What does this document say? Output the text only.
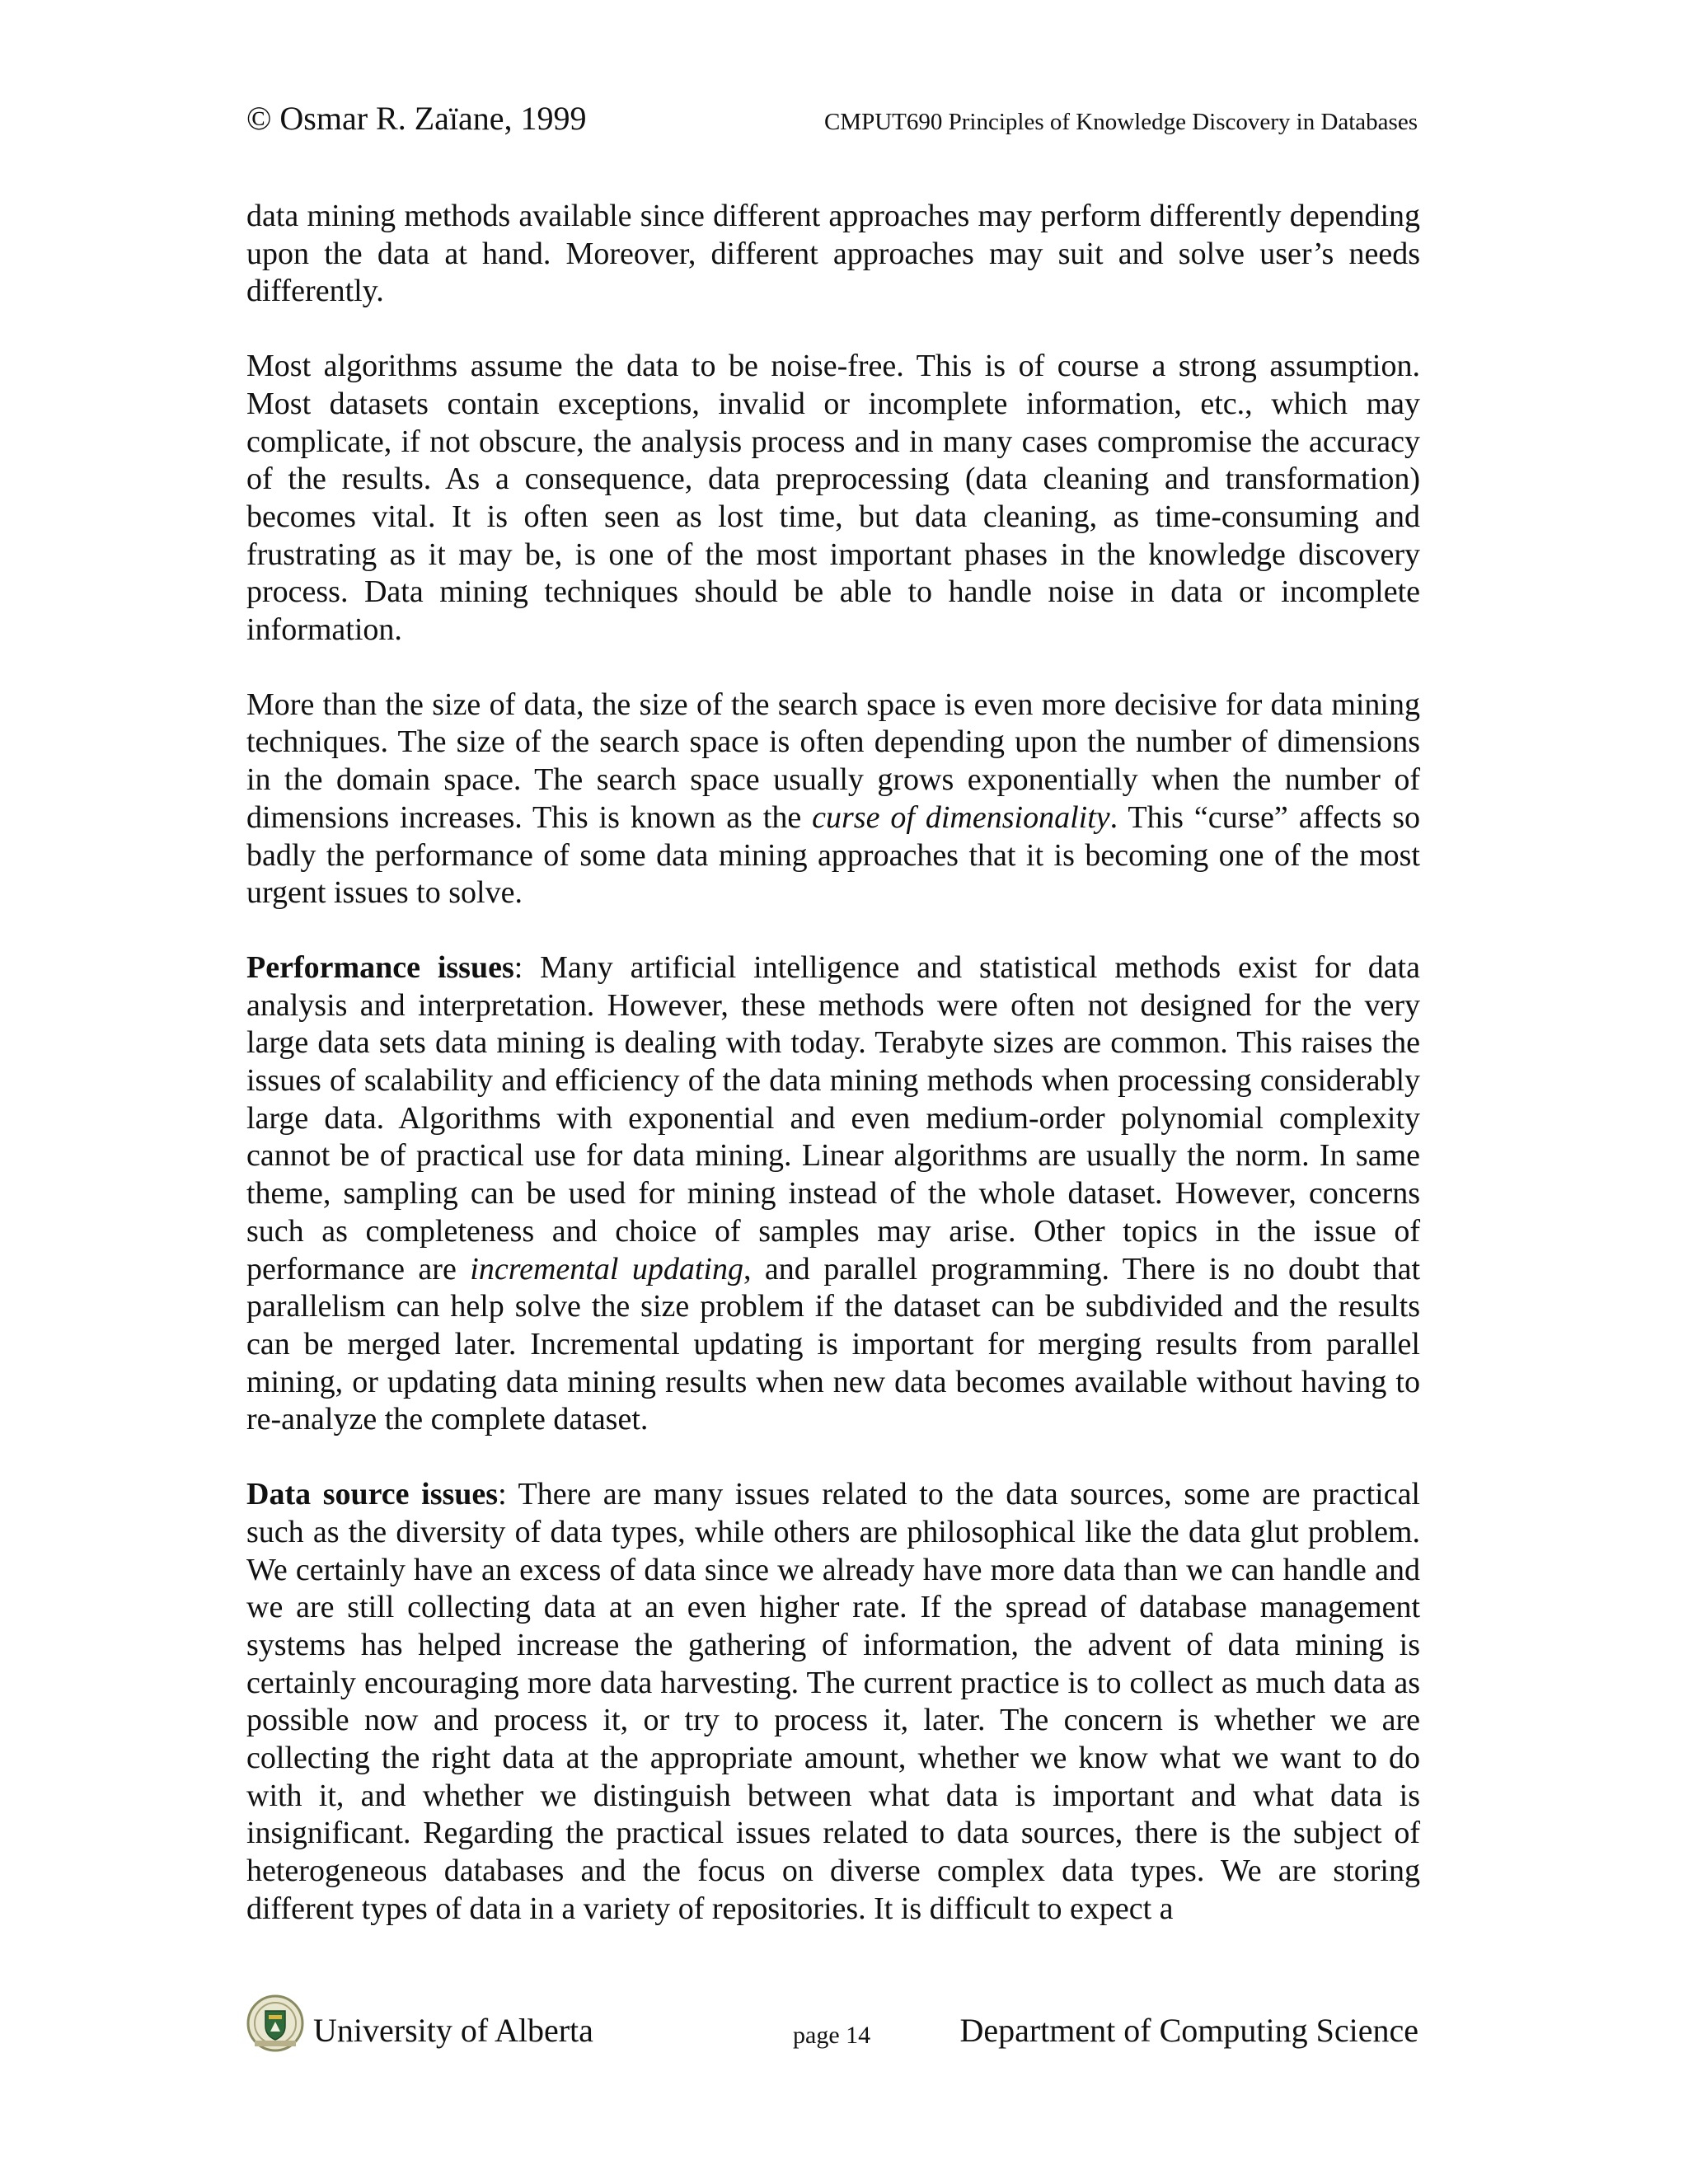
© Osmar R. Zaïane, 1999	CMPUT690 Principles of Knowledge Discovery in Databases

data mining methods available since different approaches may perform differently depending upon the data at hand. Moreover, different approaches may suit and solve user’s needs differently.

Most algorithms assume the data to be noise-free. This is of course a strong assumption. Most datasets contain exceptions, invalid or incomplete information, etc., which may complicate, if not obscure, the analysis process and in many cases compromise the accuracy of the results. As a consequence, data preprocessing (data cleaning and transformation) becomes vital. It is often seen as lost time, but data cleaning, as time-consuming and frustrating as it may be, is one of the most important phases in the knowledge discovery process. Data mining techniques should be able to handle noise in data or incomplete information.

More than the size of data, the size of the search space is even more decisive for data mining techniques. The size of the search space is often depending upon the number of dimensions in the domain space. The search space usually grows exponentially when the number of dimensions increases. This is known as the curse of dimensionality. This “curse” affects so badly the performance of some data mining approaches that it is becoming one of the most urgent issues to solve.

Performance issues: Many artificial intelligence and statistical methods exist for data analysis and interpretation. However, these methods were often not designed for the very large data sets data mining is dealing with today. Terabyte sizes are common. This raises the issues of scalability and efficiency of the data mining methods when processing considerably large data. Algorithms with exponential and even medium-order polynomial complexity cannot be of practical use for data mining. Linear algorithms are usually the norm. In same theme, sampling can be used for mining instead of the whole dataset. However, concerns such as completeness and choice of samples may arise. Other topics in the issue of performance are incremental updating, and parallel programming. There is no doubt that parallelism can help solve the size problem if the dataset can be subdivided and the results can be merged later. Incremental updating is important for merging results from parallel mining, or updating data mining results when new data becomes available without having to re-analyze the complete dataset.

Data source issues: There are many issues related to the data sources, some are practical such as the diversity of data types, while others are philosophical like the data glut problem. We certainly have an excess of data since we already have more data than we can handle and we are still collecting data at an even higher rate. If the spread of database management systems has helped increase the gathering of information, the advent of data mining is certainly encouraging more data harvesting. The current practice is to collect as much data as possible now and process it, or try to process it, later. The concern is whether we are collecting the right data at the appropriate amount, whether we know what we want to do with it, and whether we distinguish between what data is important and what data is insignificant. Regarding the practical issues related to data sources, there is the subject of heterogeneous databases and the focus on diverse complex data types. We are storing different types of data in a variety of repositories. It is difficult to expect a

University of Alberta	page 14	Department of Computing Science
